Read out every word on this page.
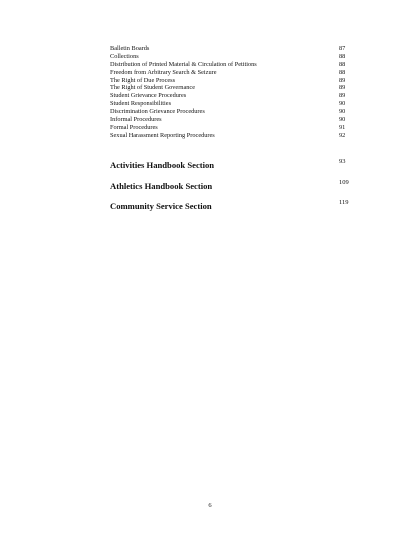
Balletin Boards	87
Collections	88
Distribution of Printed Material & Circulation of Petitions	88
Freedom from Arbitrary Search & Seizure	88
The Right of Due Process	89
The Right of Student Governance	89
Student Grievance Procedures	89
Student Responsibilities	90
Discrimination Grievance Procedures	90
Informal Procedures	90
Formal Procedures	91
Sexual Harassment Reporting Procedures	92
Activities Handbook Section	93
Athletics Handbook Section	109
Community Service Section	119
6
